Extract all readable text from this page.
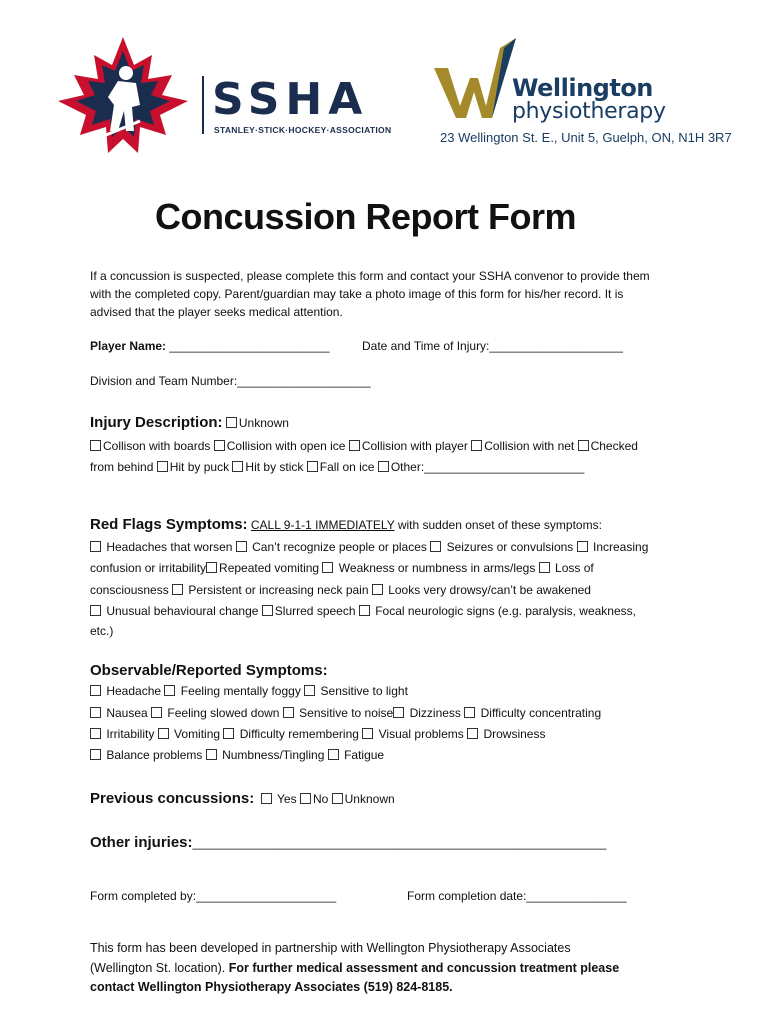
SSHA
STANLEY·STICK·HOCKEY·ASSOCIATION
Wellington
physiotherapy
23 Wellington St. E., Unit 5, Guelph, ON, N1H 3R7
Concussion Report Form
If a concussion is suspected, please complete this form and contact your SSHA convenor to provide them
with the completed copy. Parent/guardian may take a photo image of this form for his/her record. It is
advised that the player seeks medical attention.
Player Name: ________________________	Date and Time of Injury:____________________
Division and Team Number:____________________
Injury Description: Unknown
Collison with boards Collision with open ice Collision with player Collision with net Checked
from behind Hit by puck Hit by stick Fall on ice Other:________________________
Red Flags Symptoms: CALL 9-1-1 IMMEDIATELY with sudden onset of these symptoms:
Headaches that worsen Can’t recognize people or places Seizures or convulsions Increasing
confusion or irritability Repeated vomiting Weakness or numbness in arms/legs Loss of
consciousness Persistent or increasing neck pain Looks very drowsy/can’t be awakened
Unusual behavioural change Slurred speech Focal neurologic signs (e.g. paralysis, weakness,
etc.)
Observable/Reported Symptoms:
Headache Feeling mentally foggy Sensitive to light
Nausea Feeling slowed down Sensitive to noise Dizziness Difficulty concentrating
Irritability Vomiting Difficulty remembering Visual problems Drowsiness
Balance problems Numbness/Tingling Fatigue
Previous concussions: Yes No Unknown
Other injuries:______________________________________________________________
Form completed by:_____________________	Form completion date:_______________
This form has been developed in partnership with Wellington Physiotherapy Associates
(Wellington St. location). For further medical assessment and concussion treatment please
contact Wellington Physiotherapy Associates (519) 824-8185.
